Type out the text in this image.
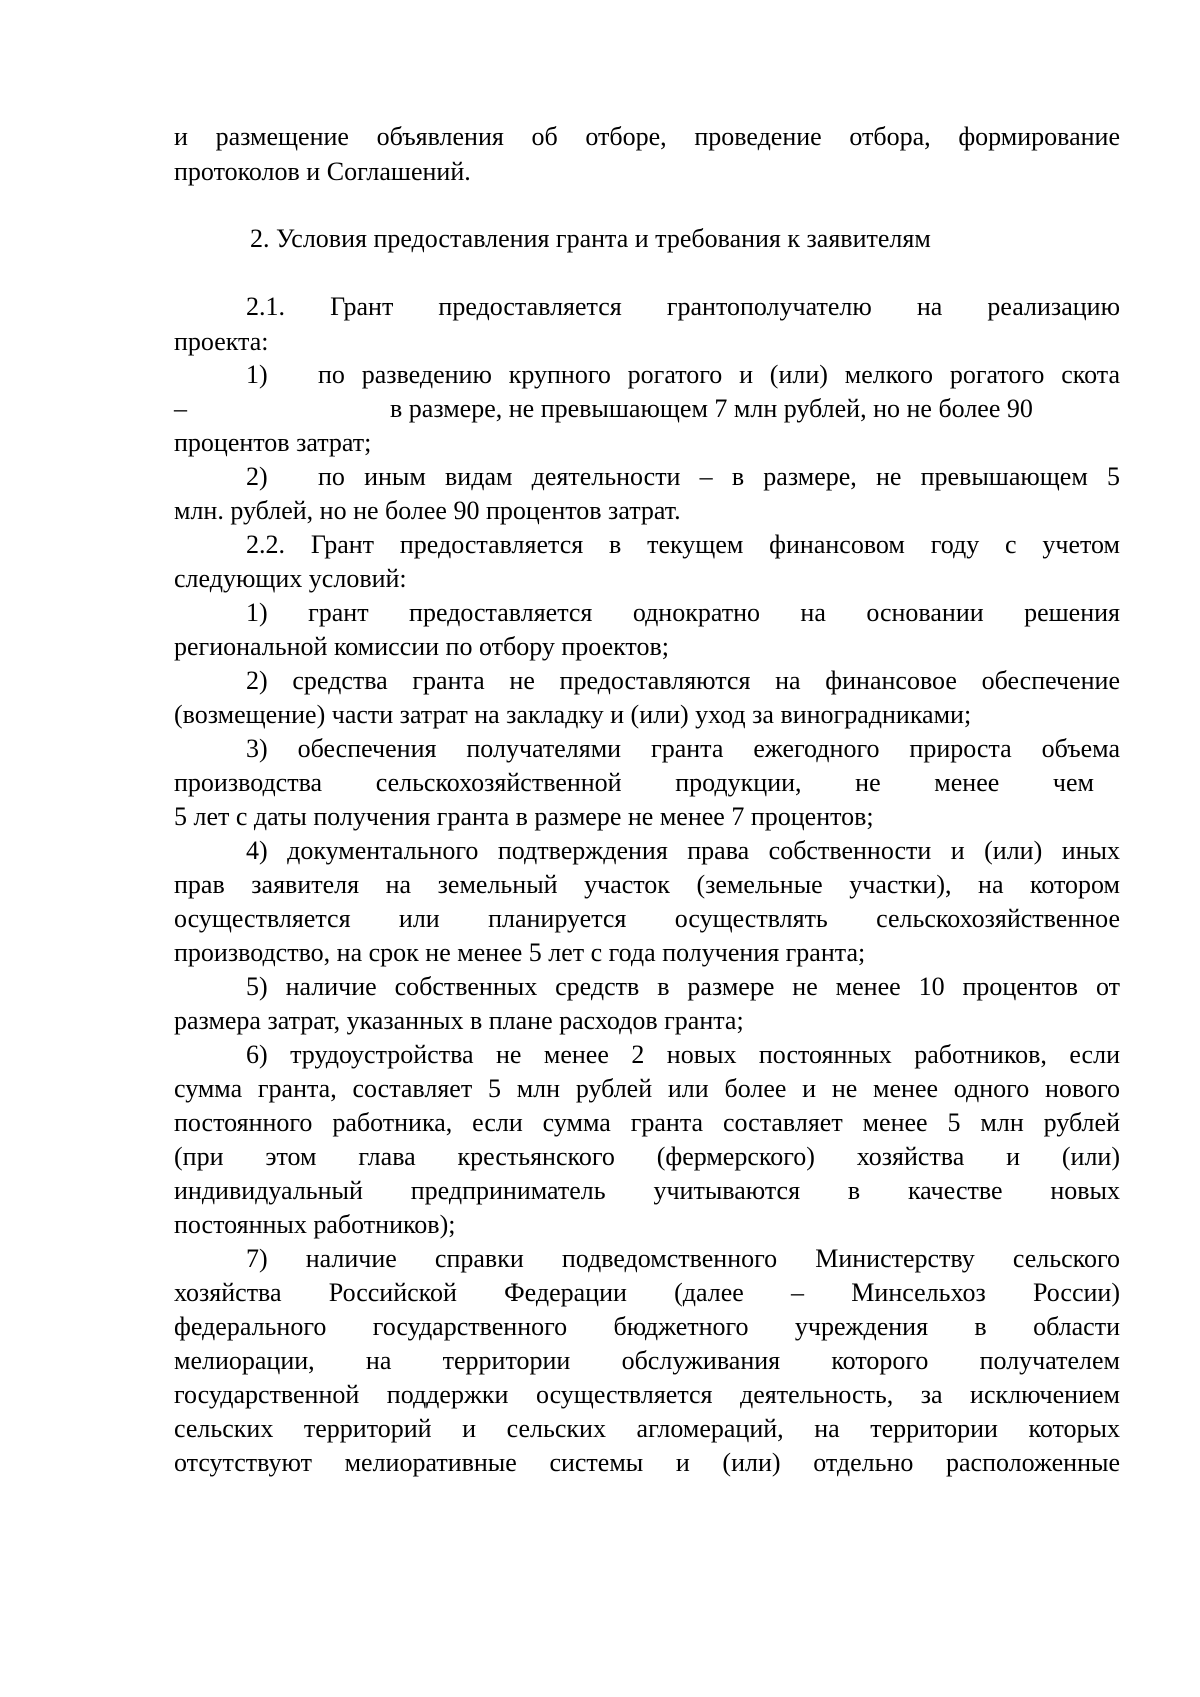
и размещение объявления об отборе, проведение отбора, формирование
протоколов и Соглашений.
2. Условия предоставления гранта и требования к заявителям
2.1. Грант предоставляется грантополучателю на реализацию
проекта:
1) по разведению крупного рогатого и (или) мелкого рогатого скота
–	в размере, не превышающем 7 млн рублей, но не более 90
процентов затрат;
2) по иным видам деятельности – в размере, не превышающем 5
млн. рублей, но не более 90 процентов затрат.
2.2. Грант предоставляется в текущем финансовом году с учетом
следующих условий:
1) грант предоставляется однократно на основании решения
региональной комиссии по отбору проектов;
2) средства гранта не предоставляются на финансовое обеспечение
(возмещение) части затрат на закладку и (или) уход за виноградниками;
3) обеспечения получателями гранта ежегодного прироста объема
производства сельскохозяйственной продукции, не менее чем
5 лет с даты получения гранта в размере не менее 7 процентов;
4) документального подтверждения права собственности и (или) иных
прав заявителя на земельный участок (земельные участки), на котором
осуществляется или планируется осуществлять сельскохозяйственное
производство, на срок не менее 5 лет с года получения гранта;
5) наличие собственных средств в размере не менее 10 процентов от
размера затрат, указанных в плане расходов гранта;
6) трудоустройства не менее 2 новых постоянных работников, если
сумма гранта, составляет 5 млн рублей или более и не менее одного нового
постоянного работника, если сумма гранта составляет менее 5 млн рублей
(при этом глава крестьянского (фермерского) хозяйства и (или)
индивидуальный предприниматель учитываются в качестве новых
постоянных работников);
7) наличие справки подведомственного Министерству сельского
хозяйства Российской Федерации (далее – Минсельхоз России)
федерального государственного бюджетного учреждения в области
мелиорации, на территории обслуживания которого получателем
государственной поддержки осуществляется деятельность, за исключением
сельских территорий и сельских агломераций, на территории которых
отсутствуют мелиоративные системы и (или) отдельно расположенные
